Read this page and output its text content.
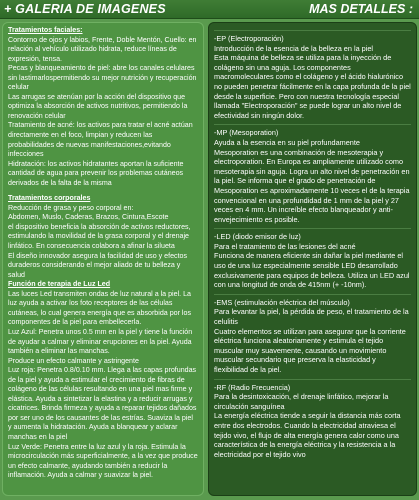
+ GALERIA DE IMAGENES	MAS DETALLES :
Tratamientos faciales:
Contorno de ojos y labios, Frente, Doble Mentón, Cuello: en relación al vehículo utilizado hidrata, reduce líneas de expresión, tensa.
Pecas y blanqueamiento de piel: abre los canales celulares sin lastimarlospermitiendo su mejor nutrición y recuperación celular
Las arrugas se atenúan por la acción del dispositivo que optimiza la absorción de activos nutritivos, permitiendo la renovación celular
Tratamiento de acné: los activos para tratar el acné actúan directamente en el foco, limpian y reducen las probabilidades de nuevas manifestaciones,evitando infecciones
Hidratación: los activos hidratantes aportan la suficiente cantidad de agua para prevenir los problemas cutáneos derivados de la falta de la misma
Tratamientos corporales
Reducción de grasa y peso corporal en:
Abdomen, Muslo, Caderas, Brazos, Cintura,Escote
el dispositivo beneficia la absorción de activos reductores, estimulando la movilidad de la grasa corporal y el drenaje linfático. En consecuencia colabora a afinar la silueta
El diseño innovador asegura la facilidad de uso y efectos duraderos considerando el mejor aliado de tu belleza y salud
Función de terapia de Luz Led
Las luces Led transmiten ondas de luz natural a la piel. La luz ayuda a activar los foto receptores de las células cutáneas, lo cual genera energía que es absorbida por los componentes de la piel para embellecerla.
Luz Azul: Penetra unos 0.5 mm en la piel y tiene la función de ayudar a calmar y eliminar erupciones en la piel. Ayuda también a eliminar las manchas.
Produce un efecto calmante y astringente
Luz roja: Penetra 0.8/0.10 mm. Llega a las capas profundas de la piel y ayuda a estimular el crecimiento de fibras de colágeno de las células resultando en una piel mas firme y elástica. Ayuda a sintetizar la elastina y a reducir arrugas y cicatrices. Brinda firmeza y ayuda a reparar tejidos dañados por ser uno de los causantes de las estrías. Suaviza la piel y aumenta la hidratación. Ayuda a blanquear y aclarar manchas en la piel
Luz Verde: Penetra entre la luz azul y la roja. Estimula la microcirculación más superficialmente, a la vez que produce un efecto calmante, ayudando también a reducir la inflamación. Ayuda a calmar y suavizar la piel.
-EP (Electroporación)
Introducción de la esencia de la belleza en la piel
Esta máquina de belleza se utiliza para la inyección de colágeno sin una aguja. Los componentes macromoleculares como el colágeno y el ácido hialurónico no pueden penetrar fácilmente en la capa profunda de la piel desde la superficie. Pero con nuestra tecnología especial llamada "Electroporación" se puede lograr un alto nivel de efectividad sin ningún dolor.
-MP (Mesoporation)
Ayuda a la esencia en su piel profundamente
Mesoporation es una combinación de mesoterapia y electroporation. En Europa es ampliamente utilizado como mesoterapia sin aguja. Logra un alto nivel de penetración en la piel. Se informa que el grado de penetración de Mesoporation es aproximadamente 10 veces el de la terapia convencional en una profundidad de 1 mm de la piel y 27 veces en 4 mm. Un increíble efecto blanqueador y anti-envejecimiento es posible.
-LED (diodo emisor de luz)
Para el tratamiento de las lesiones del acné
Funciona de manera eficiente sin dañar la piel mediante el uso de una luz especialmente sensible LED desarrollado exclusivamente para equipos de belleza. Utiliza un LED azul con una longitud de onda de 415nm (+ -10nm).
-EMS (estimulación eléctrica del músculo)
Para levantar la piel, la pérdida de peso, el tratamiento de la celulitis
Cuatro elementos se utilizan para asegurar que la corriente eléctrica funciona aleatoriamente y estimula el tejido muscular muy suavemente, causando un movimiento muscular secundario que preserva la elasticidad y flexibilidad de la piel.
-RF (Radio Frecuencia)
Para la desintoxicación, el drenaje linfático, mejorar la circulación sanguínea
La energía eléctrica tiende a seguir la distancia más corta entre dos electrodos. Cuando la electricidad atraviesa el tejido vivo, el flujo de alta energía genera calor como una característica de la energía eléctrica y la resistencia a la electricidad por el tejido vivo
